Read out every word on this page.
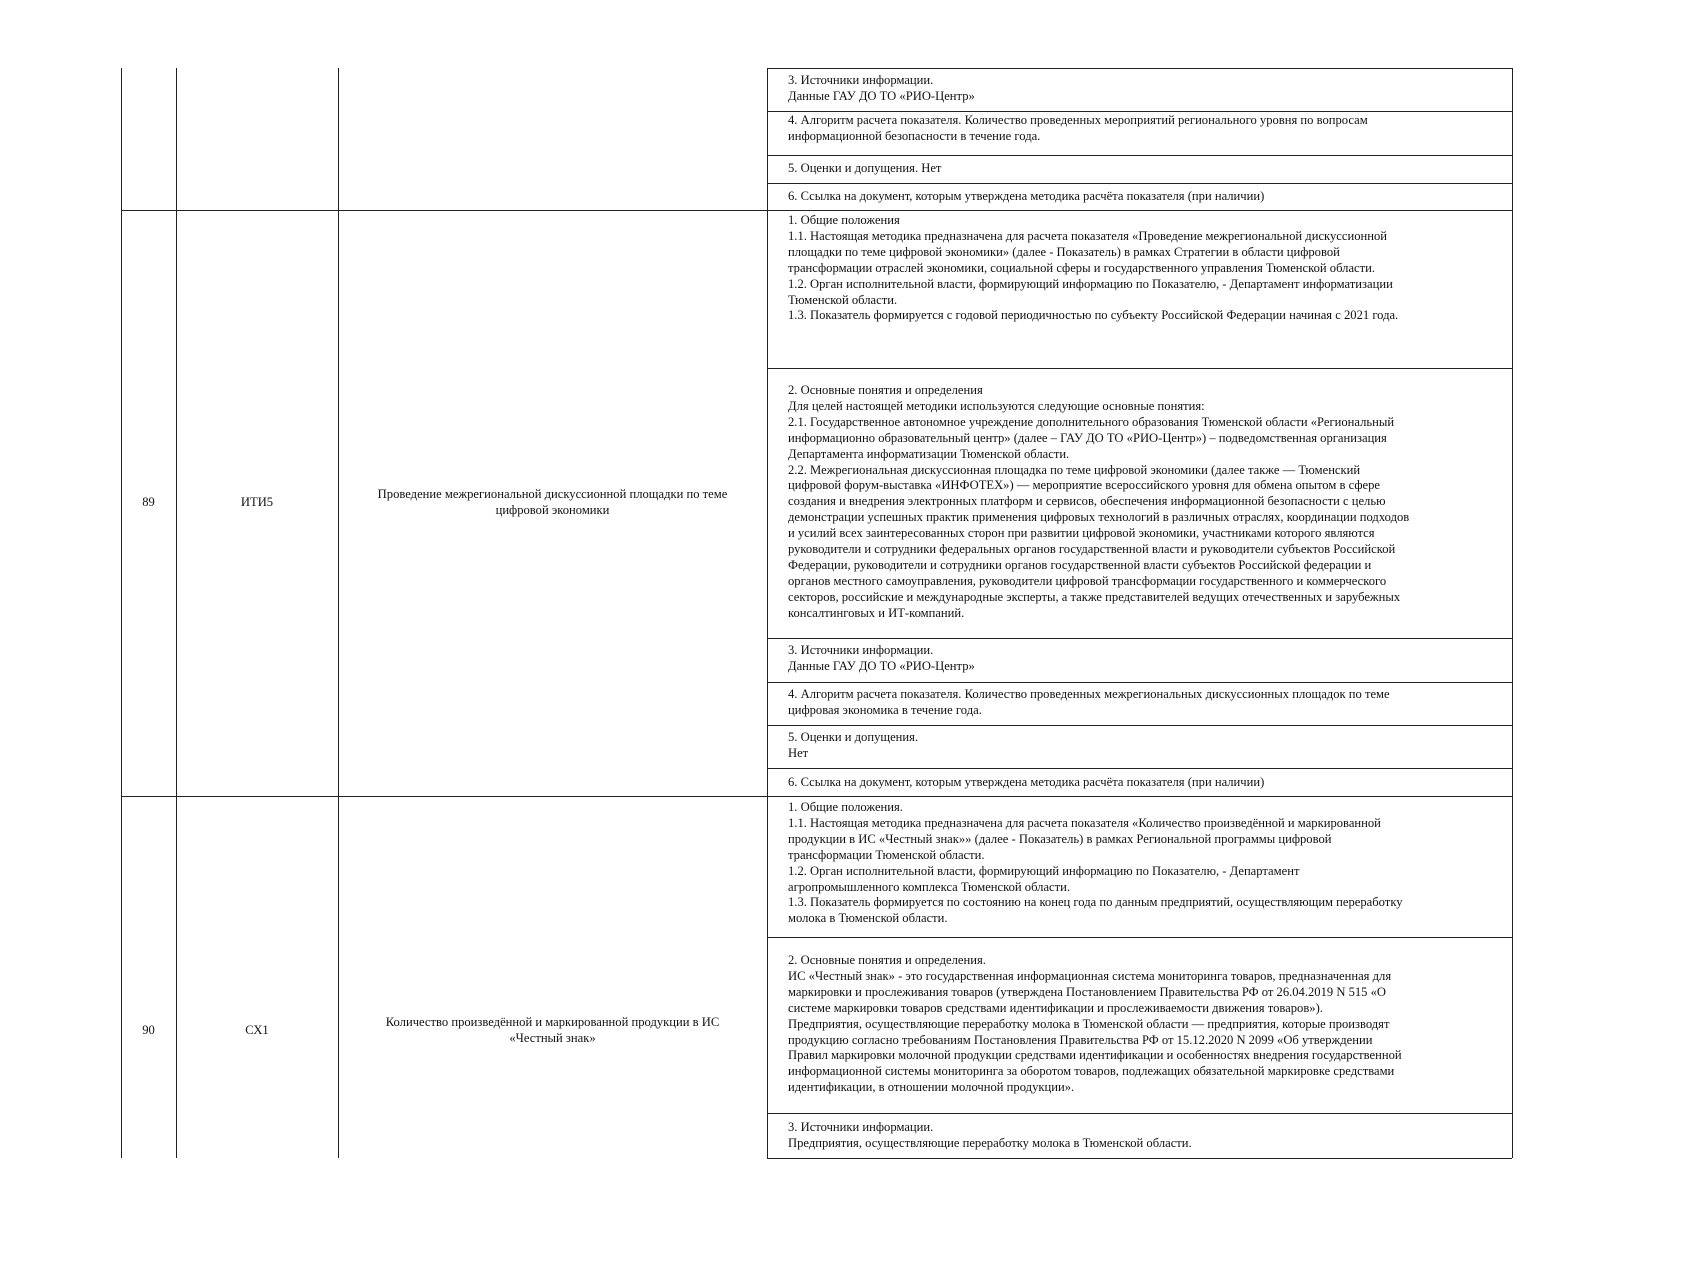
3. Источники информации.
Данные ГАУ ДО ТО «РИО-Центр»
4. Алгоритм расчета показателя. Количество проведенных мероприятий регионального уровня по вопросам
информационной безопасности в течение года.
5. Оценки и допущения. Нет
6. Ссылка на документ, которым утверждена методика расчёта показателя (при наличии)
89	ИТИ5
Проведение межрегиональной дискуссионной площадки по теме
цифровой экономики
1. Общие положения
1.1. Настоящая методика предназначена для расчета показателя «Проведение межрегиональной дискуссионной
площадки по теме цифровой экономики» (далее - Показатель) в рамках Стратегии в области цифровой
трансформации отраслей экономики, социальной сферы и государственного управления Тюменской области.
1.2. Орган исполнительной власти, формирующий информацию по Показателю, - Департамент информатизации
Тюменской области.
1.3. Показатель формируется с годовой периодичностью по субъекту Российской Федерации начиная с 2021 года.
2. Основные понятия и определения
Для целей настоящей методики используются следующие основные понятия:
2.1. Государственное автономное учреждение дополнительного образования Тюменской области «Региональный
информационно образовательный центр» (далее – ГАУ ДО ТО «РИО-Центр») – подведомственная организация
Департамента информатизации Тюменской области.
2.2. Межрегиональная дискуссионная площадка по теме цифровой экономики (далее также — Тюменский
цифровой форум-выставка «ИНФОТЕХ») — мероприятие всероссийского уровня для обмена опытом в сфере
создания и внедрения электронных платформ и сервисов, обеспечения информационной безопасности с целью
демонстрации успешных практик применения цифровых технологий в различных отраслях, координации подходов
и усилий всех заинтересованных сторон при развитии цифровой экономики, участниками которого являются
руководители и сотрудники федеральных органов государственной власти и руководители субъектов Российской
Федерации, руководители и сотрудники органов государственной власти субъектов Российской федерации и
органов местного самоуправления, руководители цифровой трансформации государственного и коммерческого
секторов, российские и международные эксперты, а также представителей ведущих отечественных и зарубежных
консалтинговых и ИТ-компаний.
3. Источники информации.
Данные ГАУ ДО ТО «РИО-Центр»
4. Алгоритм расчета показателя. Количество проведенных межрегиональных дискуссионных площадок по теме
цифровая экономика в течение года.
5. Оценки и допущения.
Нет
6. Ссылка на документ, которым утверждена методика расчёта показателя (при наличии)
90	СХ1
Количество произведённой и маркированной продукции в ИС
«Честный знак»
1. Общие положения.
1.1. Настоящая методика предназначена для расчета показателя «Количество произведённой и маркированной
продукции в ИС «Честный знак»» (далее - Показатель) в рамках Региональной программы цифровой
трансформации Тюменской области.
1.2. Орган исполнительной власти, формирующий информацию по Показателю, - Департамент
агропромышленного комплекса Тюменской области.
1.3. Показатель формируется по состоянию на конец года по данным предприятий, осуществляющим переработку
молока в Тюменской области.
2. Основные понятия и определения.
ИС «Честный знак» - это государственная информационная система мониторинга товаров, предназначенная для
маркировки и прослеживания товаров (утверждена Постановлением Правительства РФ от 26.04.2019 N 515 «О
системе маркировки товаров средствами идентификации и прослеживаемости движения товаров»).
Предприятия, осуществляющие переработку молока в Тюменской области — предприятия, которые производят
продукцию согласно требованиям Постановления Правительства РФ от 15.12.2020 N 2099 «Об утверждении
Правил маркировки молочной продукции средствами идентификации и особенностях внедрения государственной
информационной системы мониторинга за оборотом товаров, подлежащих обязательной маркировке средствами
идентификации, в отношении молочной продукции».
3. Источники информации.
Предприятия, осуществляющие переработку молока в Тюменской области.
